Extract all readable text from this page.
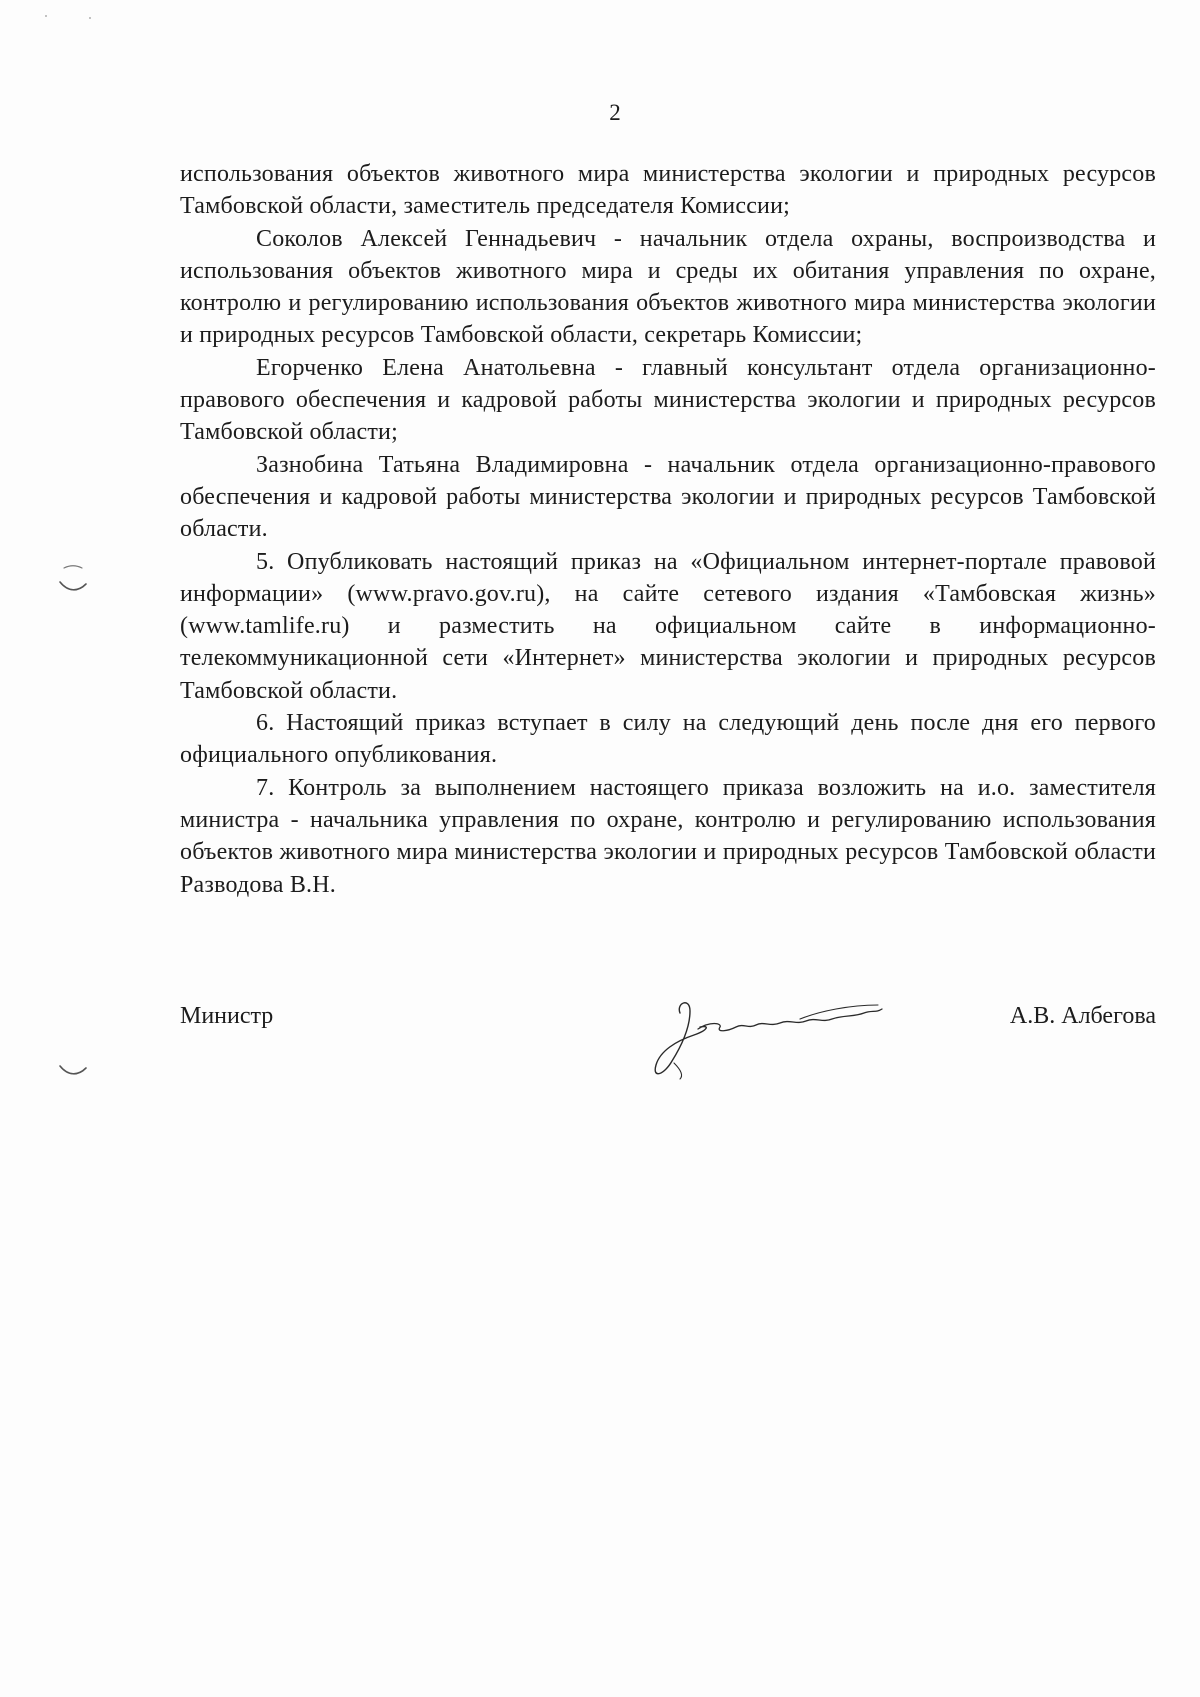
2

использования объектов животного мира министерства экологии и природных ресурсов Тамбовской области, заместитель председателя Комиссии;

Соколов Алексей Геннадьевич - начальник отдела охраны, воспроизводства и использования объектов животного мира и среды их обитания управления по охране, контролю и регулированию использования объектов животного мира министерства экологии и природных ресурсов Тамбовской области, секретарь Комиссии;

Егорченко Елена Анатольевна - главный консультант отдела организационно-правового обеспечения и кадровой работы министерства экологии и природных ресурсов Тамбовской области;

Зазнобина Татьяна Владимировна - начальник отдела организационно-правового обеспечения и кадровой работы министерства экологии и природных ресурсов Тамбовской области.

5. Опубликовать настоящий приказ на «Официальном интернет-портале правовой информации» (www.pravo.gov.ru), на сайте сетевого издания «Тамбовская жизнь» (www.tamlife.ru) и разместить на официальном сайте в информационно-телекоммуникационной сети «Интернет» министерства экологии и природных ресурсов Тамбовской области.

6. Настоящий приказ вступает в силу на следующий день после дня его первого официального опубликования.

7. Контроль за выполнением настоящего приказа возложить на и.о. заместителя министра - начальника управления по охране, контролю и регулированию использования объектов животного мира министерства экологии и природных ресурсов Тамбовской области Разводова В.Н.

Министр	А.В. Албегова
